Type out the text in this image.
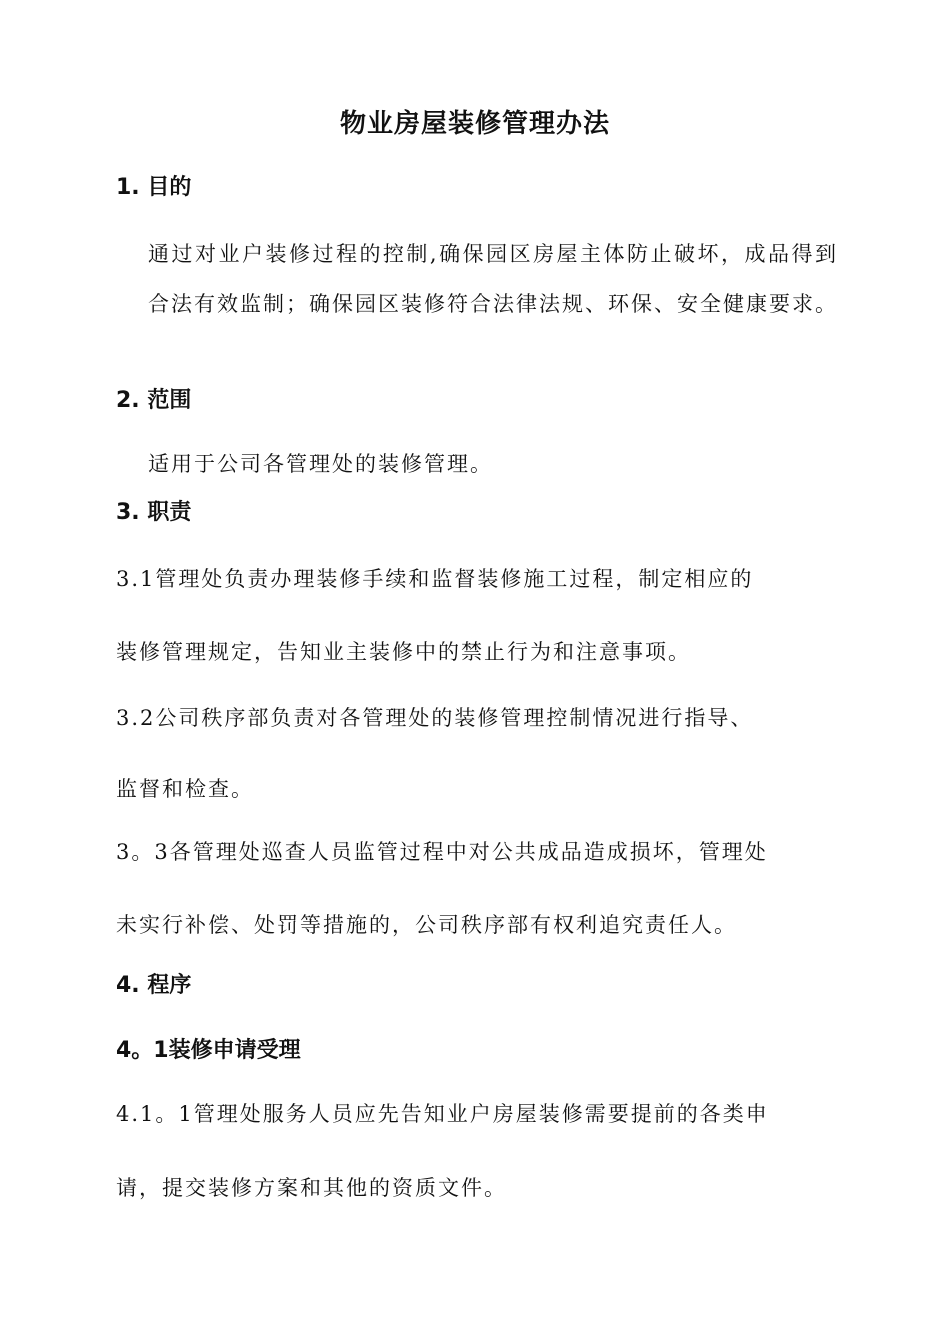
物业房屋装修管理办法
1. 目的
通过对业户装修过程的控制,确保园区房屋主体防止破坏，成品得到合法有效监制；确保园区装修符合法律法规、环保、安全健康要求。
2. 范围
适用于公司各管理处的装修管理。
3. 职责
3.1管理处负责办理装修手续和监督装修施工过程，制定相应的
装修管理规定，告知业主装修中的禁止行为和注意事项。
3.2公司秩序部负责对各管理处的装修管理控制情况进行指导、
监督和检查。
3。3各管理处巡查人员监管过程中对公共成品造成损坏，管理处
未实行补偿、处罚等措施的，公司秩序部有权利追究责任人。
4. 程序
4。1装修申请受理
4.1。1管理处服务人员应先告知业户房屋装修需要提前的各类申
请，提交装修方案和其他的资质文件。
